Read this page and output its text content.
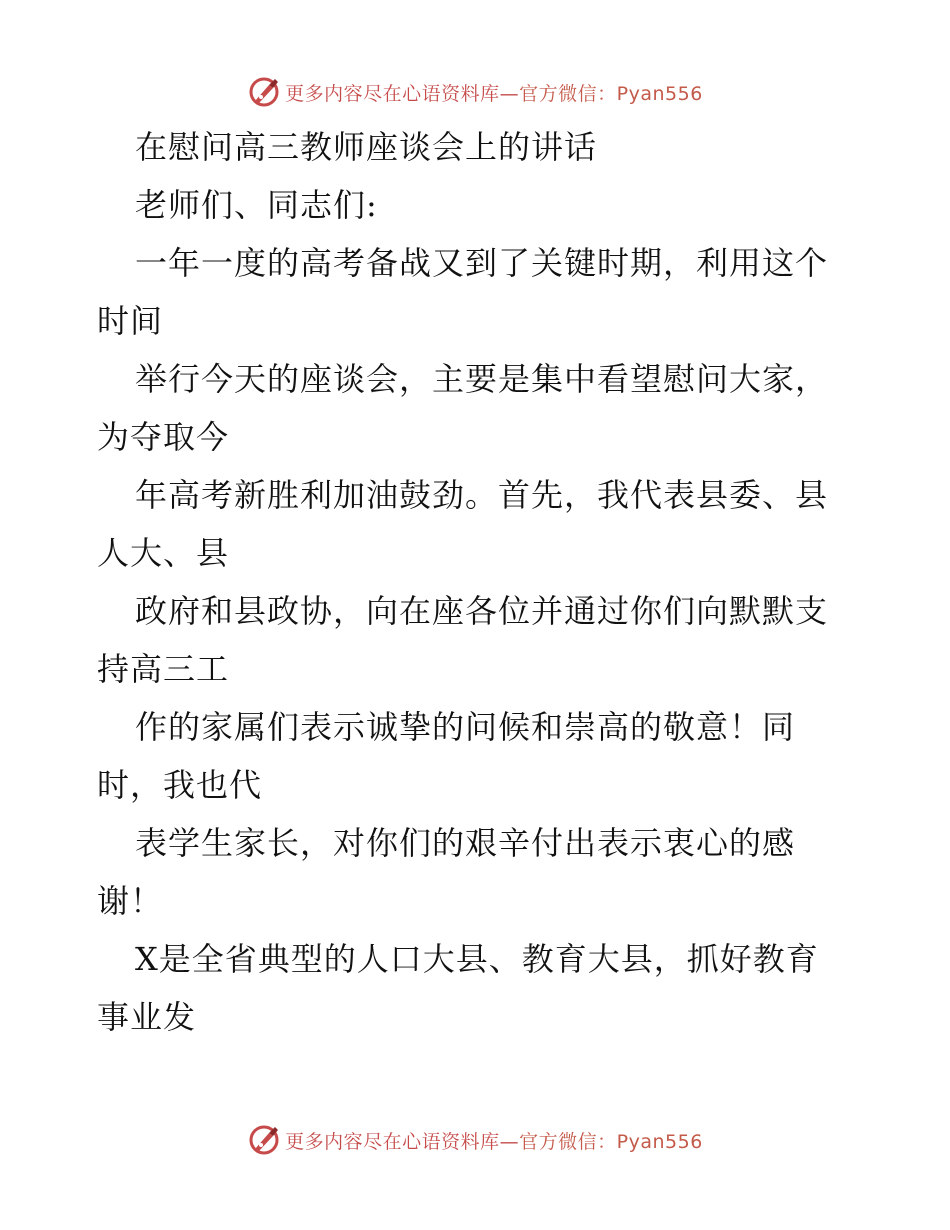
更多内容尽在心语资料库—官方微信：Pyan556
在慰问高三教师座谈会上的讲话
老师们、同志们:
一年一度的高考备战又到了关键时期，利用这个
时间
举行今天的座谈会，主要是集中看望慰问大家，
为夺取今
年高考新胜利加油鼓劲。首先，我代表县委、县
人大、县
政府和县政协，向在座各位并通过你们向默默支
持高三工
作的家属们表示诚挚的问候和崇高的敬意！同
时，我也代
表学生家长，对你们的艰辛付出表示衷心的感
谢！
X是全省典型的人口大县、教育大县，抓好教育
事业发
更多内容尽在心语资料库—官方微信：Pyan556
